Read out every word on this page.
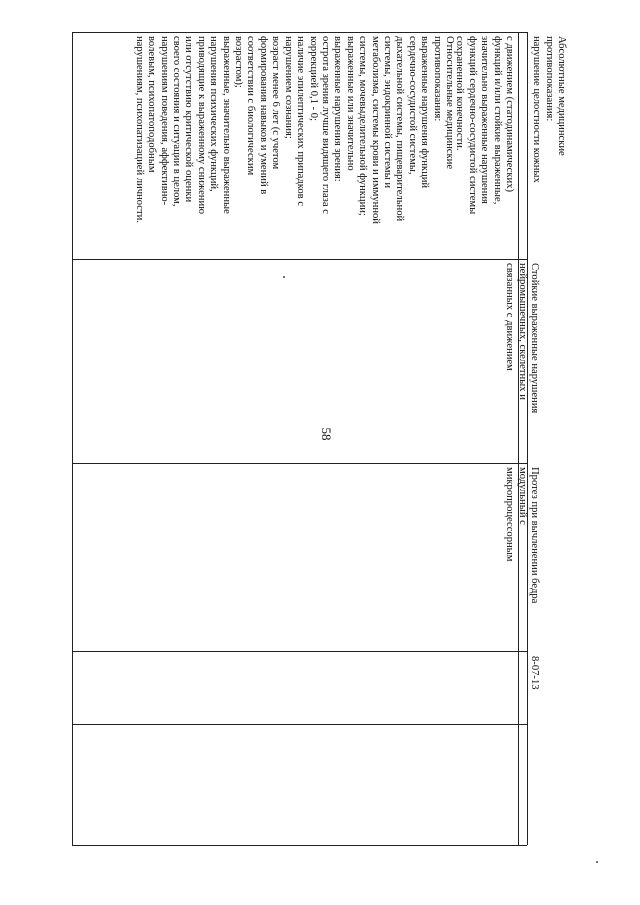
58
с движением (статодинамических)
функций и/или стойкие выраженные,
значительно выраженные нарушения
функций сердечно-сосудистой системы
сохраненной конечности.
Относительные медицинские
противопоказания:
выраженные нарушения функций
сердечно-сосудистой системы,
дыхательной системы, пищеварительной
системы, эндокринной системы и
метаболизма, системы крови и иммунной
системы, мочевыделительной функции;
выраженные или значительно
выраженные нарушения зрения:
острота зрения лучше видящего глаза с
коррекцией 0,1 - 0;
наличие эпилептических припадков с
нарушением сознания;
возраст менее 6 лет (с учетом
формирования навыков и умений в
соответствии с биологическим
возрастом);
выраженные, значительно выраженные
нарушения психических функций,
приводящие к выраженному снижению
или отсутствию критической оценки
своего состояния и ситуации в целом,
нарушениям поведения, аффективно-
волевым, психопатоподобным
нарушениям, психопатизацией личности.
8-07-13
Протез при вычленении бедра
модульный с
микропроцессорным
Стойкие выраженные нарушения
нейромышечных, скелетных и
связанных с движением
Абсолютные медицинские
противопоказания:
нарушение целостности кожных
